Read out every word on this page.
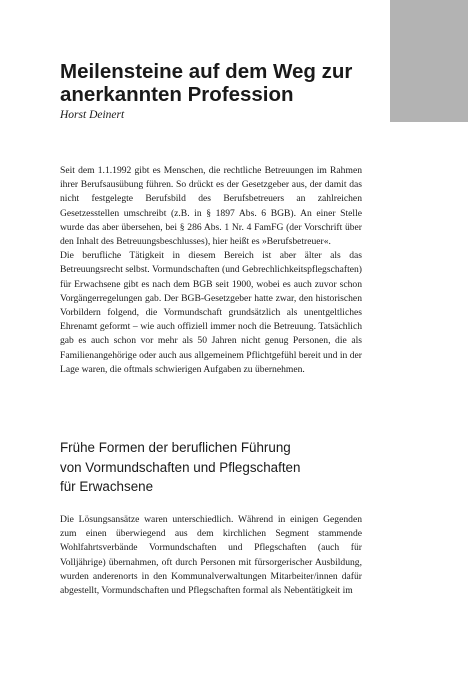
Meilensteine auf dem Weg zur anerkannten Profession
Horst Deinert

Seit dem 1.1.1992 gibt es Menschen, die rechtliche Betreuungen im Rahmen ihrer Berufsausübung führen. So drückt es der Gesetzgeber aus, der damit das nicht festgelegte Berufsbild des Berufsbetreuers an zahlreichen Gesetzesstellen umschreibt (z.B. in § 1897 Abs. 6 BGB). An einer Stelle wurde das aber übersehen, bei § 286 Abs. 1 Nr. 4 FamFG (der Vorschrift über den Inhalt des Betreuungsbeschlusses), hier heißt es »Berufsbetreuer«.

Die berufliche Tätigkeit in diesem Bereich ist aber älter als das Betreuungsrecht selbst. Vormundschaften (und Gebrechlichkeitspflegschaften) für Erwachsene gibt es nach dem BGB seit 1900, wobei es auch zuvor schon Vorgängerregelungen gab. Der BGB-Gesetzgeber hatte zwar, den historischen Vorbildern folgend, die Vormundschaft grundsätzlich als unentgeltliches Ehrenamt geformt – wie auch offiziell immer noch die Betreuung. Tatsächlich gab es auch schon vor mehr als 50 Jahren nicht genug Personen, die als Familienangehörige oder auch aus allgemeinem Pflichtgefühl bereit und in der Lage waren, die oftmals schwierigen Aufgaben zu übernehmen.

Frühe Formen der beruflichen Führung
von Vormundschaften und Pflegschaften
für Erwachsene

Die Lösungsansätze waren unterschiedlich. Während in einigen Gegenden zum einen überwiegend aus dem kirchlichen Segment stammende Wohlfahrtsverbände Vormundschaften und Pflegschaften (auch für Volljährige) übernahmen, oft durch Personen mit fürsorgerischer Ausbildung, wurden anderenorts in den Kommunalverwaltungen Mitarbeiter/innen dafür abgestellt, Vormundschaften und Pflegschaften formal als Nebentätigkeit im
